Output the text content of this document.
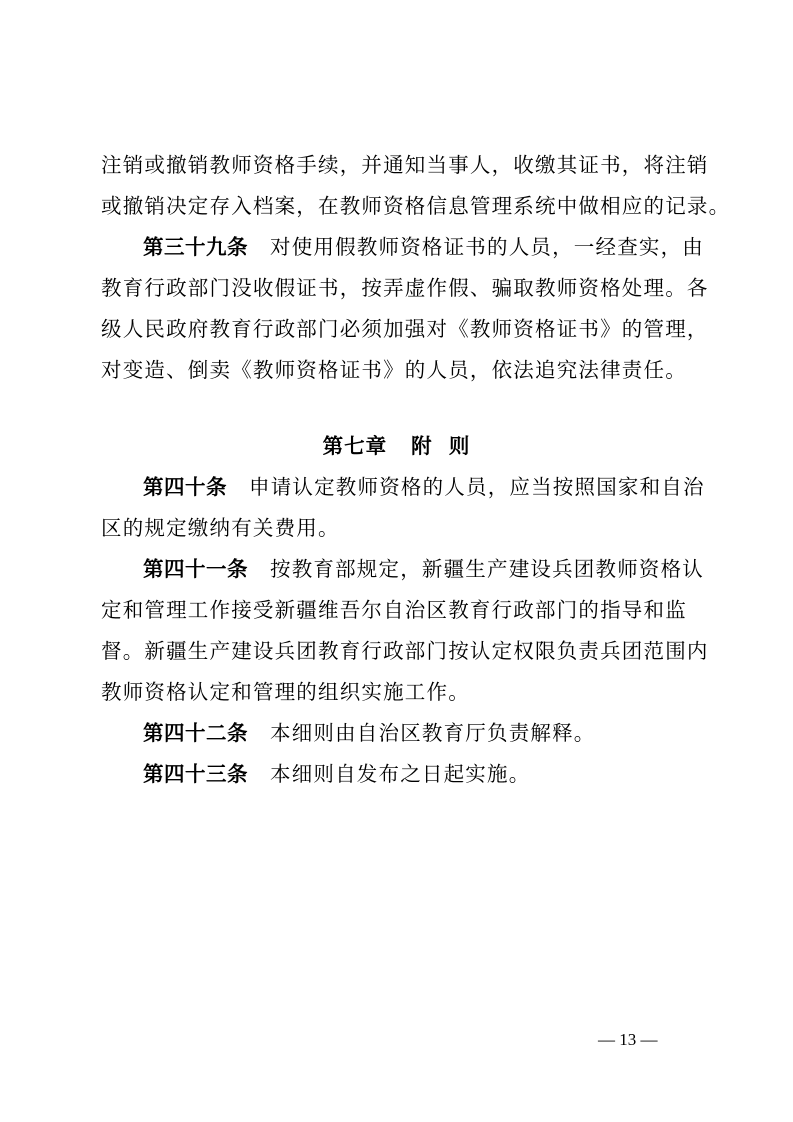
注销或撤销教师资格手续，并通知当事人，收缴其证书，将注销
或撤销决定存入档案，在教师资格信息管理系统中做相应的记录。
第三十九条 对使用假教师资格证书的人员，一经查实，由
教育行政部门没收假证书，按弄虚作假、骗取教师资格处理。各
级人民政府教育行政部门必须加强对《教师资格证书》的管理，
对变造、倒卖《教师资格证书》的人员，依法追究法律责任。
第七章 附  则
第四十条 申请认定教师资格的人员，应当按照国家和自治
区的规定缴纳有关费用。
第四十一条 按教育部规定，新疆生产建设兵团教师资格认
定和管理工作接受新疆维吾尔自治区教育行政部门的指导和监
督。新疆生产建设兵团教育行政部门按认定权限负责兵团范围内
教师资格认定和管理的组织实施工作。
第四十二条 本细则由自治区教育厅负责解释。
第四十三条 本细则自发布之日起实施。
— 13 —
